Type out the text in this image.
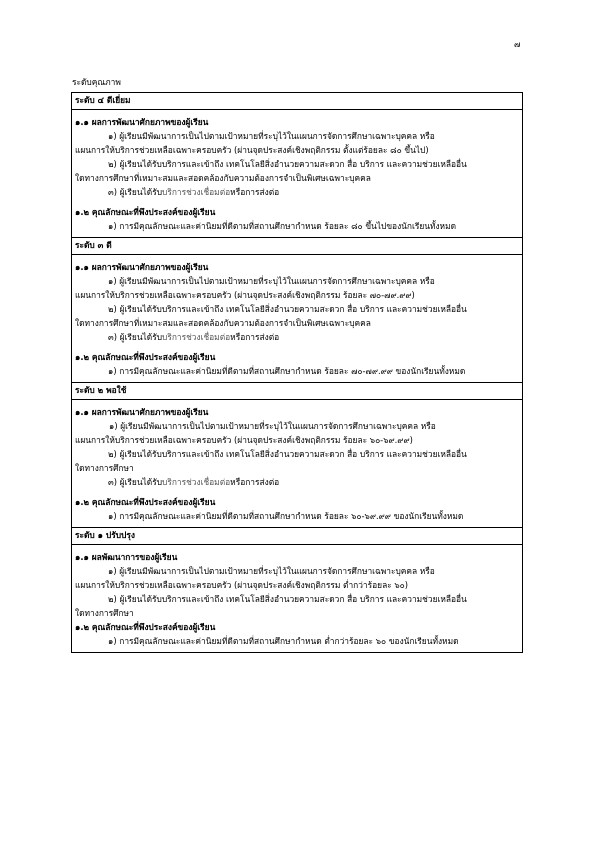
๗
ระดับคุณภาพ
ระดับ ๔ ดีเยี่ยม
๑.๑ ผลการพัฒนาศักยภาพของผู้เรียน
๑) ผู้เรียนมีพัฒนาการเป็นไปตามเป้าหมายที่ระบุไว้ในแผนการจัดการศึกษาเฉพาะบุคคล หรือ
แผนการให้บริการช่วยเหลือเฉพาะครอบครัว (ผ่านจุดประสงค์เชิงพฤติกรรม ตั้งแต่ร้อยละ ๘๐ ขึ้นไป)
๒) ผู้เรียนได้รับบริการและเข้าถึง เทคโนโลยีสิ่งอำนวยความสะดวก สื่อ บริการ และความช่วยเหลืออื่น
ใดทางการศึกษาที่เหมาะสมและสอดคล้องกับความต้องการจำเป็นพิเศษเฉพาะบุคคล
๓) ผู้เรียนได้รับบริการช่วงเชื่อมต่อหรือการส่งต่อ
๑.๒ คุณลักษณะที่พึงประสงค์ของผู้เรียน
๑) การมีคุณลักษณะและค่านิยมที่ดีตามที่สถานศึกษากำหนด ร้อยละ ๘๐ ขึ้นไปของนักเรียนทั้งหมด
ระดับ ๓ ดี
๑.๑ ผลการพัฒนาศักยภาพของผู้เรียน
๑) ผู้เรียนมีพัฒนาการเป็นไปตามเป้าหมายที่ระบุไว้ในแผนการจัดการศึกษาเฉพาะบุคคล หรือ
แผนการให้บริการช่วยเหลือเฉพาะครอบครัว (ผ่านจุดประสงค์เชิงพฤติกรรม ร้อยละ ๗๐-๗๙.๙๙)
๒) ผู้เรียนได้รับบริการและเข้าถึง เทคโนโลยีสิ่งอำนวยความสะดวก สื่อ บริการ และความช่วยเหลืออื่น
ใดทางการศึกษาที่เหมาะสมและสอดคล้องกับความต้องการจำเป็นพิเศษเฉพาะบุคคล
๓) ผู้เรียนได้รับบริการช่วงเชื่อมต่อหรือการส่งต่อ
๑.๒ คุณลักษณะที่พึงประสงค์ของผู้เรียน
๑) การมีคุณลักษณะและค่านิยมที่ดีตามที่สถานศึกษากำหนด ร้อยละ ๗๐-๗๙.๙๙ ของนักเรียนทั้งหมด
ระดับ ๒ พอใช้
๑.๑ ผลการพัฒนาศักยภาพของผู้เรียน
๑) ผู้เรียนมีพัฒนาการเป็นไปตามเป้าหมายที่ระบุไว้ในแผนการจัดการศึกษาเฉพาะบุคคล หรือ
แผนการให้บริการช่วยเหลือเฉพาะครอบครัว (ผ่านจุดประสงค์เชิงพฤติกรรม ร้อยละ ๖๐-๖๙.๙๙)
๒) ผู้เรียนได้รับบริการและเข้าถึง เทคโนโลยีสิ่งอำนวยความสะดวก สื่อ บริการ และความช่วยเหลืออื่น
ใดทางการศึกษา
๓) ผู้เรียนได้รับบริการช่วงเชื่อมต่อหรือการส่งต่อ
๑.๒ คุณลักษณะที่พึงประสงค์ของผู้เรียน
๑) การมีคุณลักษณะและค่านิยมที่ดีตามที่สถานศึกษากำหนด ร้อยละ ๖๐-๖๙.๙๙ ของนักเรียนทั้งหมด
ระดับ ๑ ปรับปรุง
๑.๑ ผลพัฒนาการของผู้เรียน
๑) ผู้เรียนมีพัฒนาการเป็นไปตามเป้าหมายที่ระบุไว้ในแผนการจัดการศึกษาเฉพาะบุคคล หรือ
แผนการให้บริการช่วยเหลือเฉพาะครอบครัว (ผ่านจุดประสงค์เชิงพฤติกรรม ต่ำกว่าร้อยละ ๖๐)
๒) ผู้เรียนได้รับบริการและเข้าถึง เทคโนโลยีสิ่งอำนวยความสะดวก สื่อ บริการ และความช่วยเหลืออื่น
ใดทางการศึกษา
๑.๒ คุณลักษณะที่พึงประสงค์ของผู้เรียน
๑) การมีคุณลักษณะและค่านิยมที่ดีตามที่สถานศึกษากำหนด ต่ำกว่าร้อยละ ๖๐ ของนักเรียนทั้งหมด
